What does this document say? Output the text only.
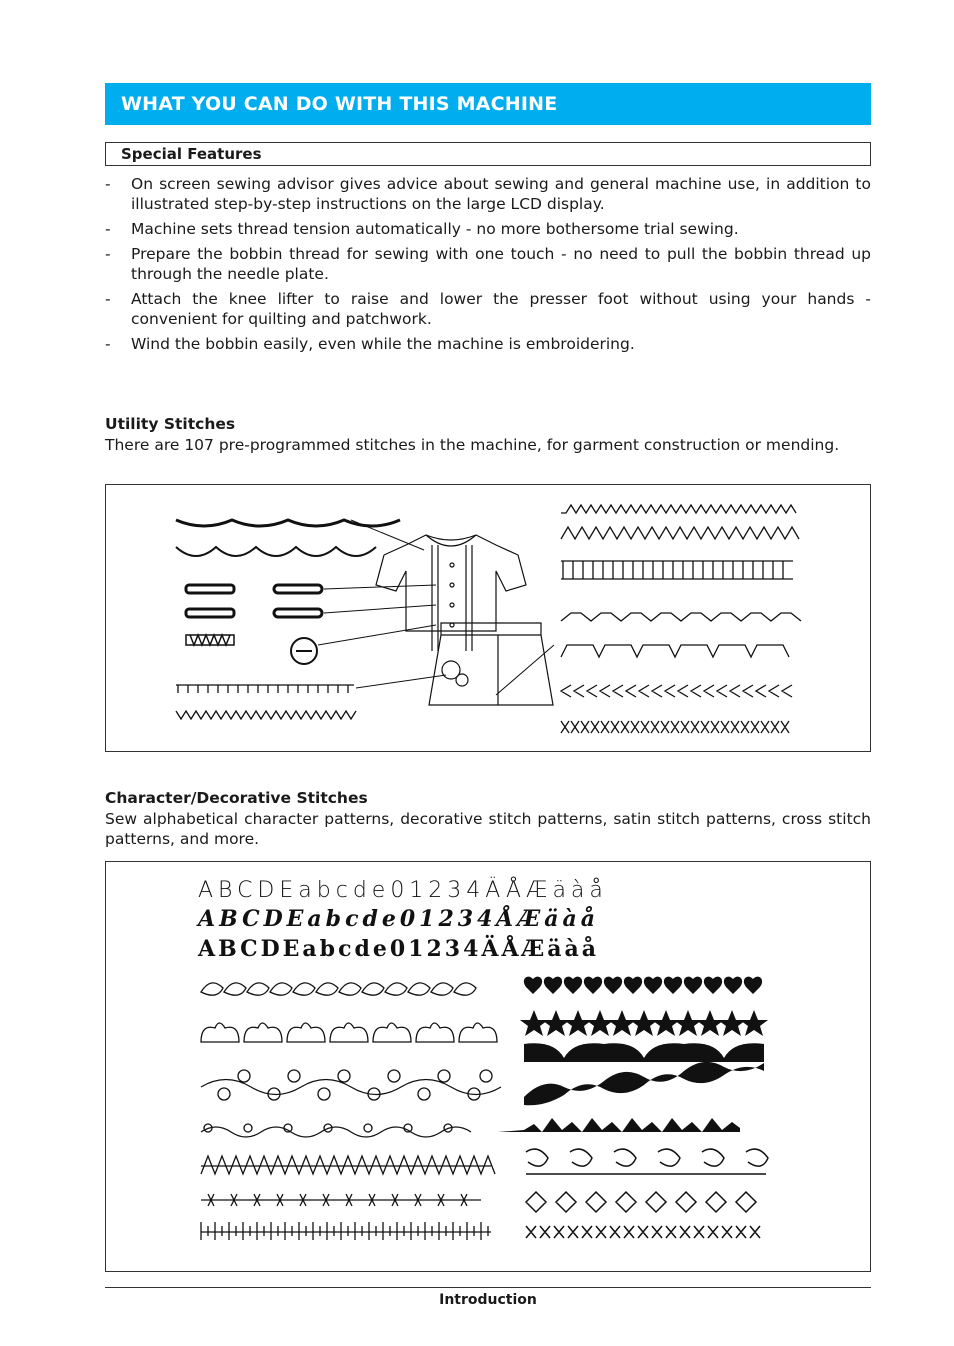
WHAT YOU CAN DO WITH THIS MACHINE
Special Features
- On screen sewing advisor gives advice about sewing and general machine use, in addition to illustrated step-by-step instructions on the large LCD display.
- Machine sets thread tension automatically - no more bothersome trial sewing.
- Prepare the bobbin thread for sewing with one touch - no need to pull the bobbin thread up through the needle plate.
- Attach the knee lifter to raise and lower the presser foot without using your hands - convenient for quilting and patchwork.
- Wind the bobbin easily, even while the machine is embroidering.
Utility Stitches
There are 107 pre-programmed stitches in the machine, for garment construction or mending.
Character/Decorative Stitches
Sew alphabetical character patterns, decorative stitch patterns, satin stitch patterns, cross stitch patterns, and more.
ABCDEabcde01234ÄÅÆäàå
ABCDEabcde01234ÅÆäàå
ABCDEabcde01234ÄÅÆäàå
Introduction
